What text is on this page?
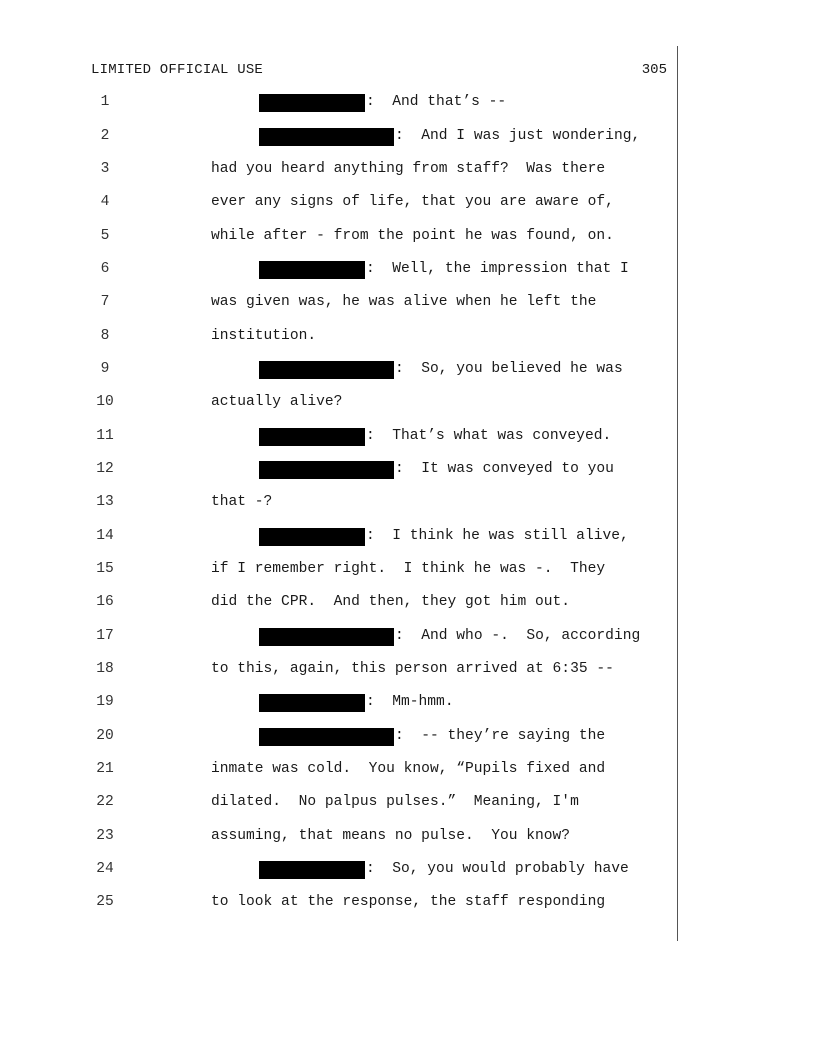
LIMITED OFFICIAL USE	305
1	:  And that’s --
2	:  And I was just wondering,
3	had you heard anything from staff?  Was there
4	ever any signs of life, that you are aware of,
5	while after - from the point he was found, on.
6	:  Well, the impression that I
7	was given was, he was alive when he left the
8	institution.
9	:  So, you believed he was
10	actually alive?
11	:  That’s what was conveyed.
12	:  It was conveyed to you
13	that -?
14	:  I think he was still alive,
15	if I remember right.  I think he was -.  They
16	did the CPR.  And then, they got him out.
17	:  And who -.  So, according
18	to this, again, this person arrived at 6:35 --
19	:  Mm-hmm.
20	:  -- they’re saying the
21	inmate was cold.  You know, “Pupils fixed and
22	dilated.  No palpus pulses.”  Meaning, I'm
23	assuming, that means no pulse.  You know?
24	:  So, you would probably have
25	to look at the response, the staff responding
